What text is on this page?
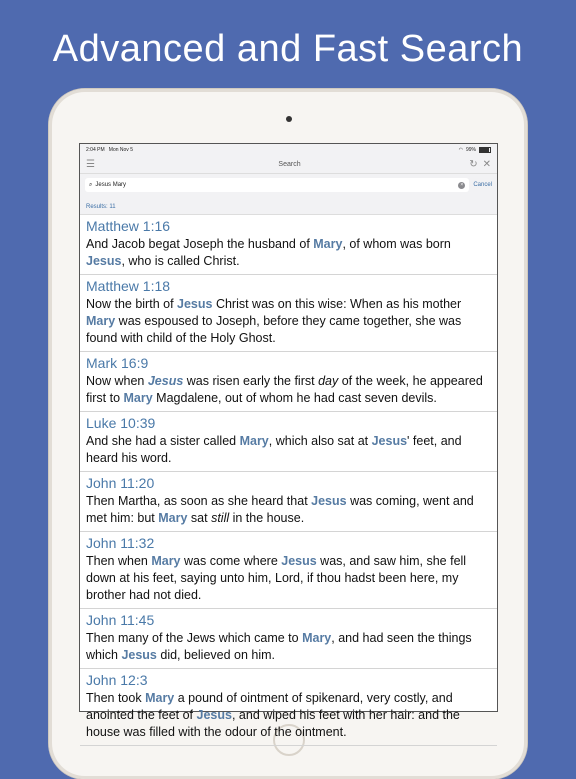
Advanced and Fast Search
2:04 PM Mon Nov 5	◠ 99%
☰	Search	↻ ✕
⌕ Jesus Mary	×	Cancel
Results: 11
Matthew 1:16
And Jacob begat Joseph the husband of Mary, of whom was born Jesus, who is called Christ.
Matthew 1:18
Now the birth of Jesus Christ was on this wise: When as his mother Mary was espoused to Joseph, before they came together, she was found with child of the Holy Ghost.
Mark 16:9
Now when Jesus was risen early the first day of the week, he appeared first to Mary Magdalene, out of whom he had cast seven devils.
Luke 10:39
And she had a sister called Mary, which also sat at Jesus' feet, and heard his word.
John 11:20
Then Martha, as soon as she heard that Jesus was coming, went and met him: but Mary sat still in the house.
John 11:32
Then when Mary was come where Jesus was, and saw him, she fell down at his feet, saying unto him, Lord, if thou hadst been here, my brother had not died.
John 11:45
Then many of the Jews which came to Mary, and had seen the things which Jesus did, believed on him.
John 12:3
Then took Mary a pound of ointment of spikenard, very costly, and anointed the feet of Jesus, and wiped his feet with her hair: and the house was filled with the odour of the ointment.
